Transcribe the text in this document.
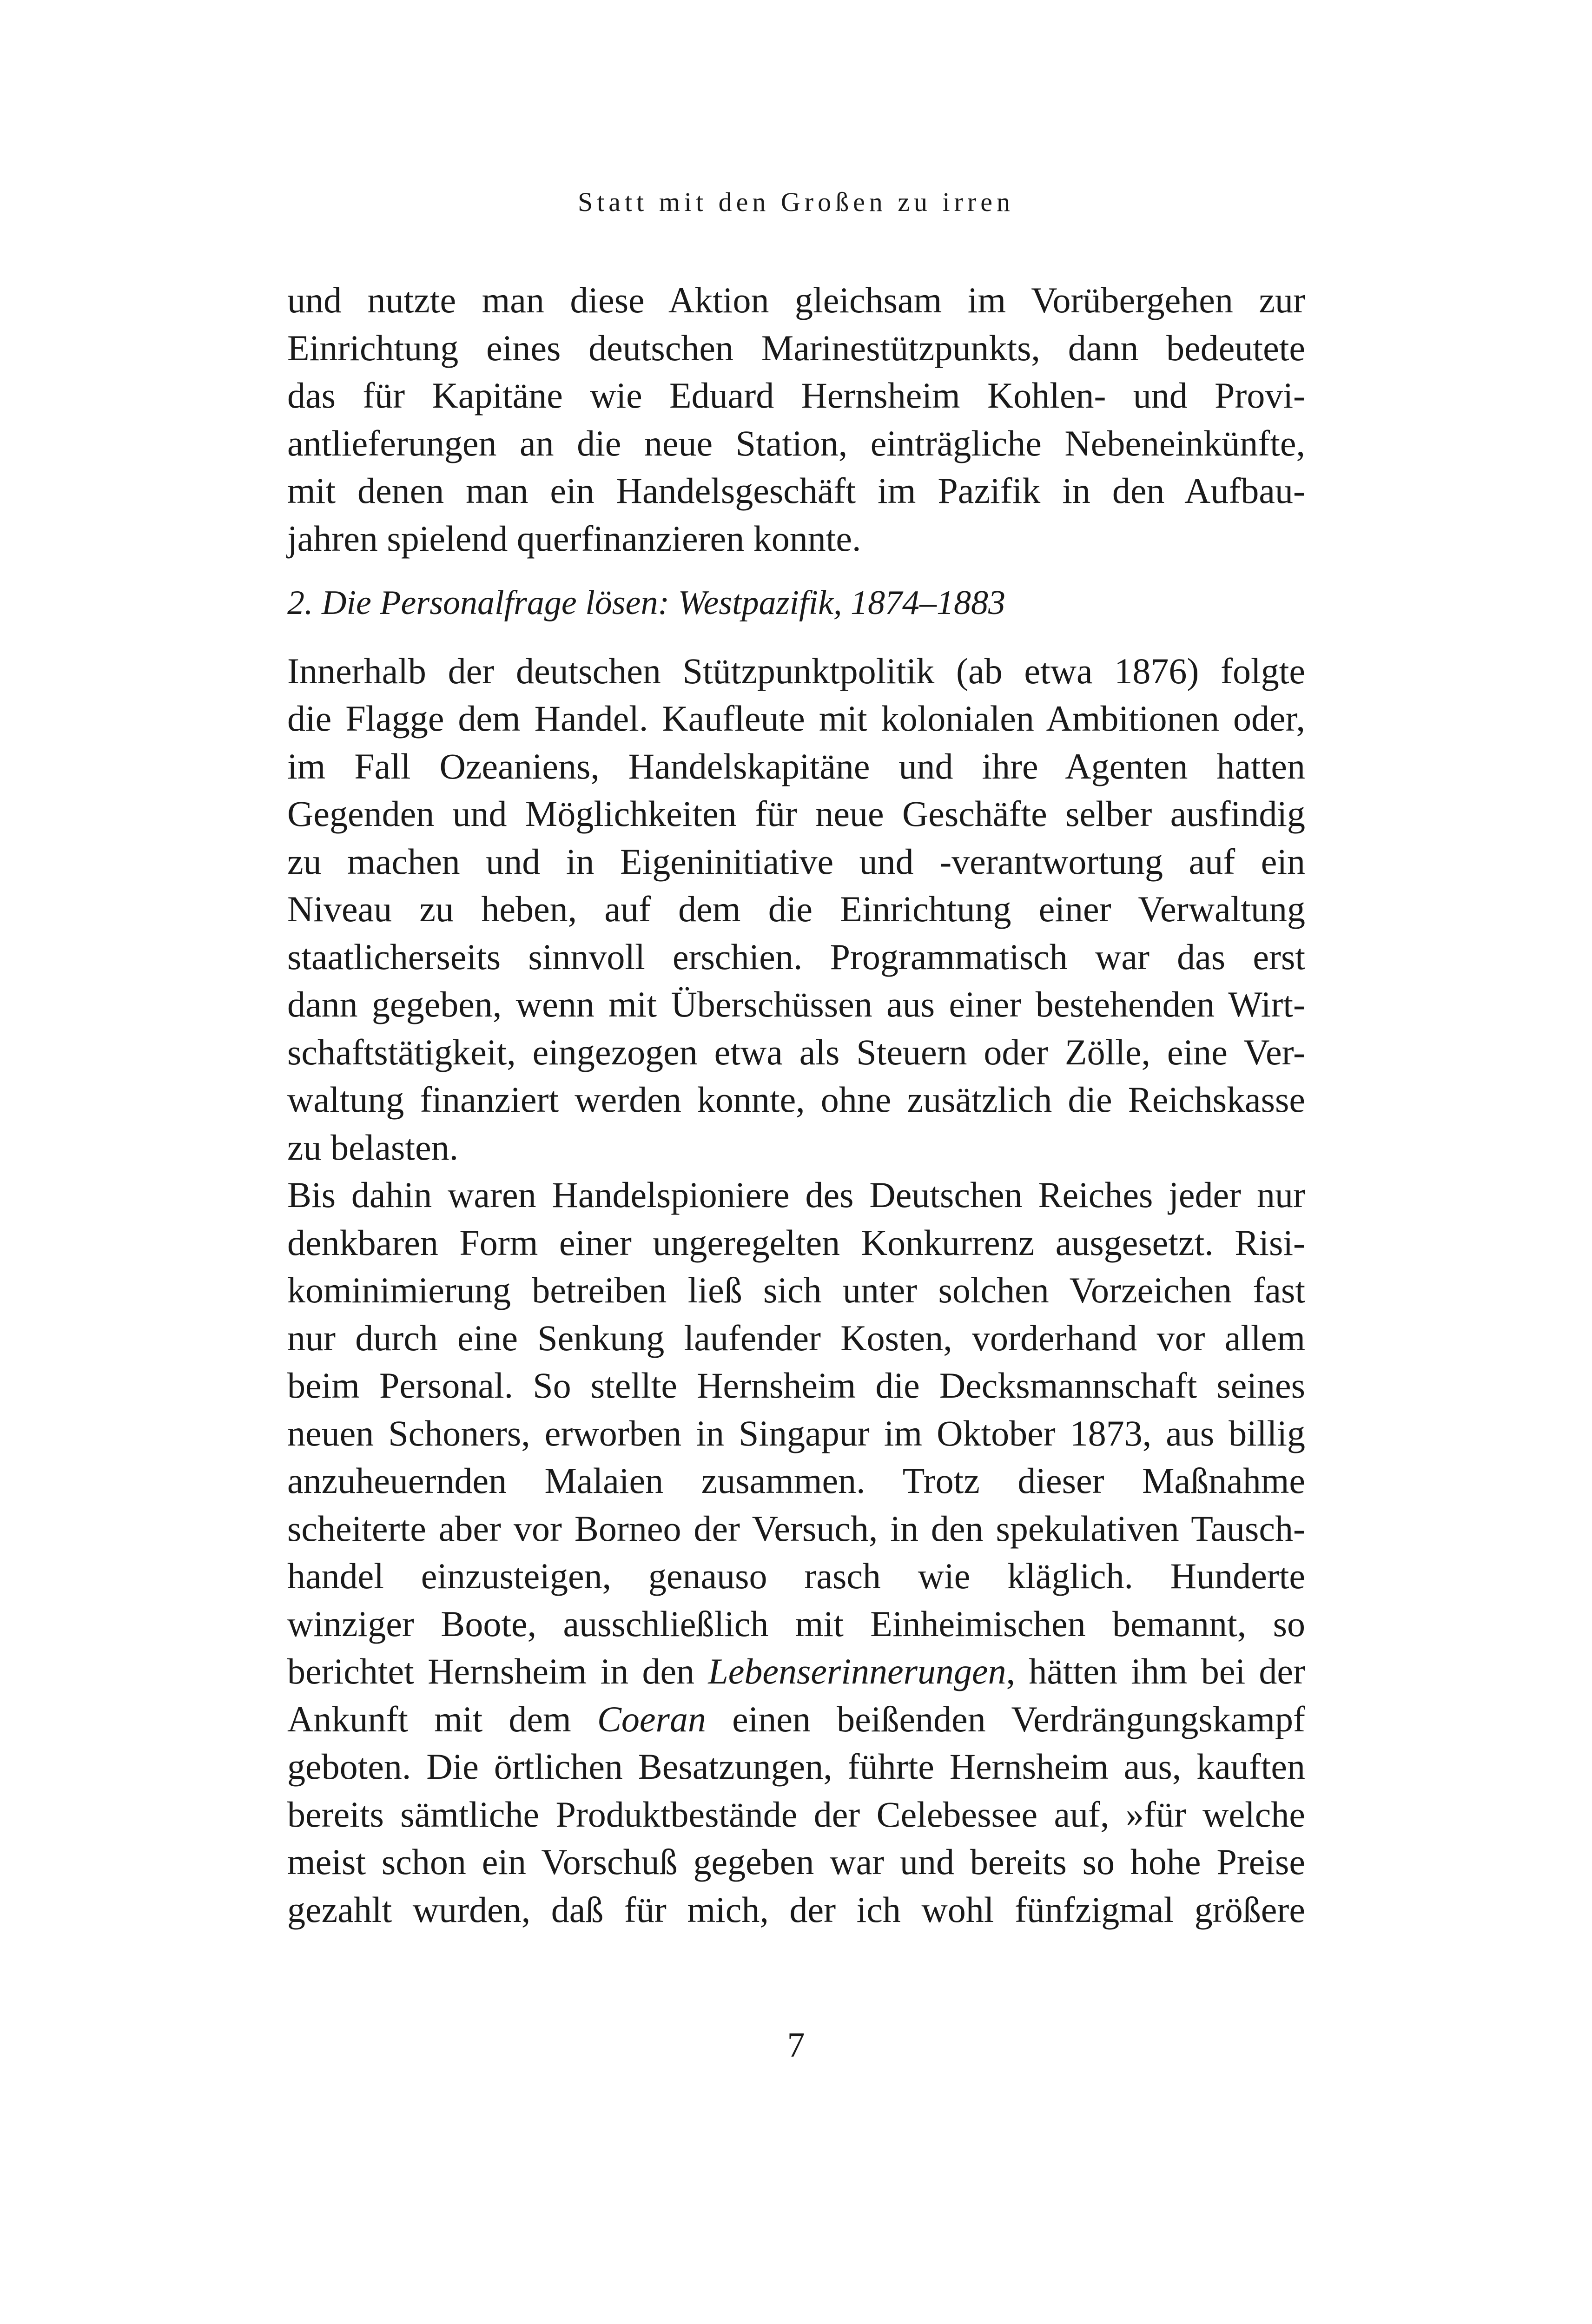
Statt mit den Großen zu irren
und nutzte man diese Aktion gleichsam im Vorübergehen zur
Einrichtung eines deutschen Marinestützpunkts, dann bedeutete
das für Kapitäne wie Eduard Hernsheim Kohlen- und Provi-
antlieferungen an die neue Station, einträgliche Nebeneinkünfte,
mit denen man ein Handelsgeschäft im Pazifik in den Aufbau-
jahren spielend querfinanzieren konnte.
2. Die Personalfrage lösen: Westpazifik, 1874–1883
Innerhalb der deutschen Stützpunktpolitik (ab etwa 1876) folgte
die Flagge dem Handel. Kaufleute mit kolonialen Ambitionen oder,
im Fall Ozeaniens, Handelskapitäne und ihre Agenten hatten
Gegenden und Möglichkeiten für neue Geschäfte selber ausfindig
zu machen und in Eigeninitiative und -verantwortung auf ein
Niveau zu heben, auf dem die Einrichtung einer Verwaltung
staatlicherseits sinnvoll erschien. Programmatisch war das erst
dann gegeben, wenn mit Überschüssen aus einer bestehenden Wirt-
schaftstätigkeit, eingezogen etwa als Steuern oder Zölle, eine Ver-
waltung finanziert werden konnte, ohne zusätzlich die Reichskasse
zu belasten.
Bis dahin waren Handelspioniere des Deutschen Reiches jeder nur
denkbaren Form einer ungeregelten Konkurrenz ausgesetzt. Risi-
kominimierung betreiben ließ sich unter solchen Vorzeichen fast
nur durch eine Senkung laufender Kosten, vorderhand vor allem
beim Personal. So stellte Hernsheim die Decksmannschaft seines
neuen Schoners, erworben in Singapur im Oktober 1873, aus billig
anzuheuernden Malaien zusammen. Trotz dieser Maßnahme
scheiterte aber vor Borneo der Versuch, in den spekulativen Tausch-
handel einzusteigen, genauso rasch wie kläglich. Hunderte
winziger Boote, ausschließlich mit Einheimischen bemannt, so
berichtet Hernsheim in den Lebenserinnerungen, hätten ihm bei der
Ankunft mit dem Coeran einen beißenden Verdrängungskampf
geboten. Die örtlichen Besatzungen, führte Hernsheim aus, kauften
bereits sämtliche Produktbestände der Celebessee auf, »für welche
meist schon ein Vorschuß gegeben war und bereits so hohe Preise
gezahlt wurden, daß für mich, der ich wohl fünfzigmal größere
7
